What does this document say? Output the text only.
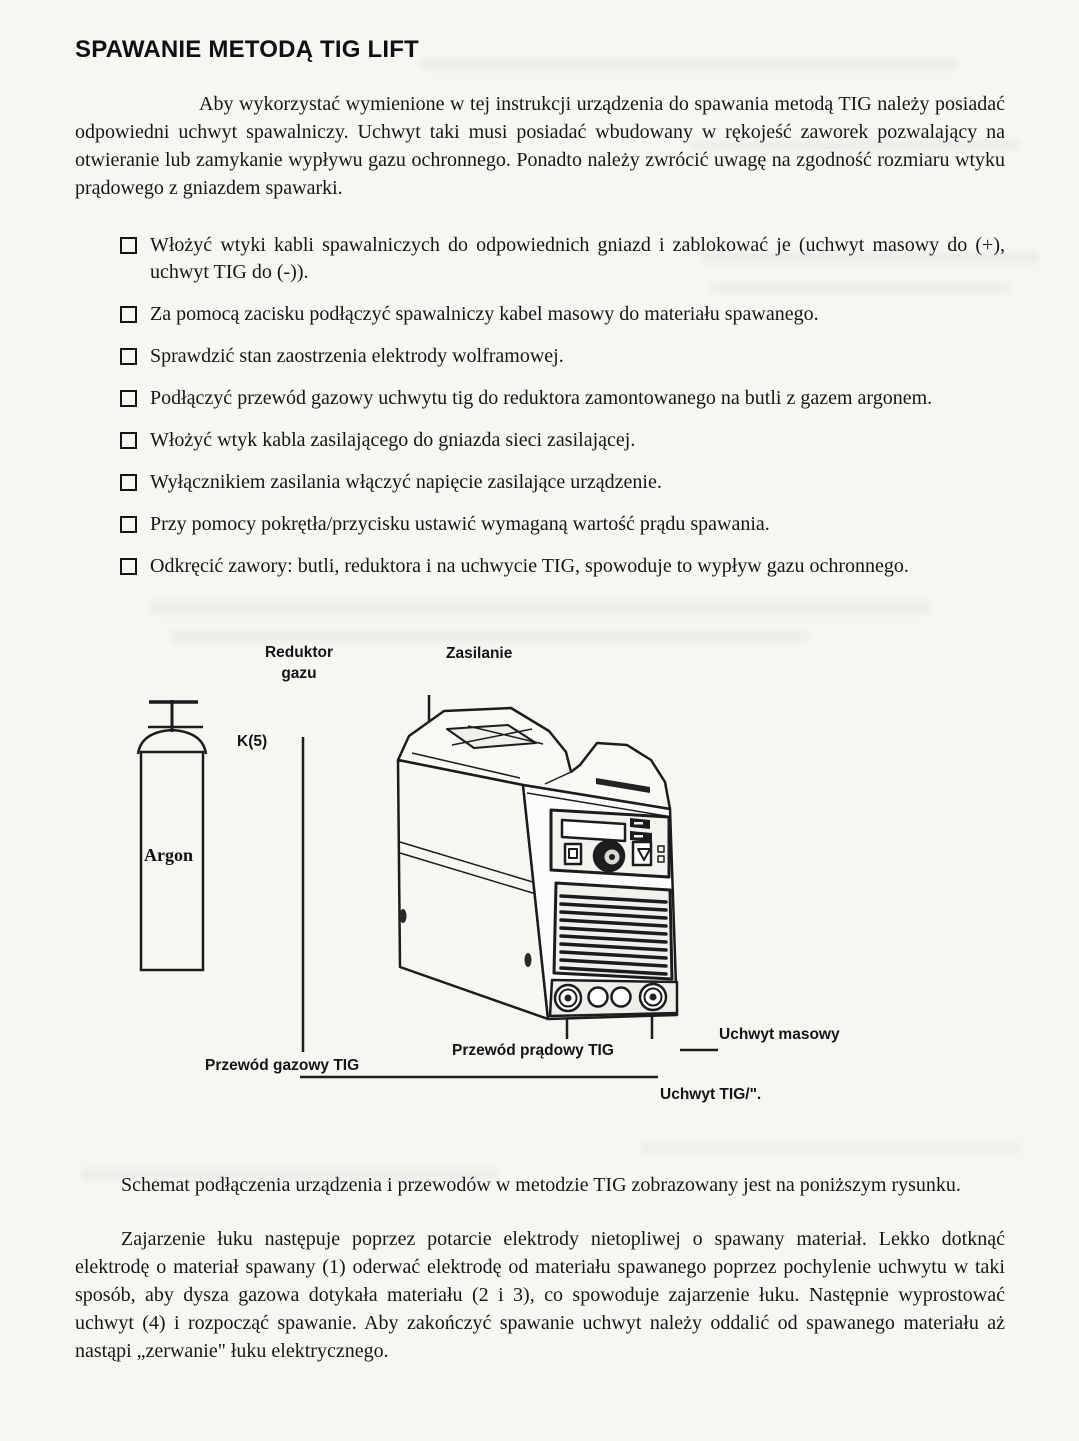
SPAWANIE METODĄ TIG LIFT

Aby wykorzystać wymienione w tej instrukcji urządzenia do spawania metodą TIG należy posiadać odpowiedni uchwyt spawalniczy. Uchwyt taki musi posiadać wbudowany w rękojeść zaworek pozwalający na otwieranie lub zamykanie wypływu gazu ochronnego. Ponadto należy zwrócić uwagę na zgodność rozmiaru wtyku prądowego z gniazdem spawarki.

Włożyć wtyki kabli spawalniczych do odpowiednich gniazd i zablokować je (uchwyt masowy do (+), uchwyt TIG do (-)).
Za pomocą zacisku podłączyć spawalniczy kabel masowy do materiału spawanego.
Sprawdzić stan zaostrzenia elektrody wolframowej.
Podłączyć przewód gazowy uchwytu tig do reduktora zamontowanego na butli z gazem argonem.
Włożyć wtyk kabla zasilającego do gniazda sieci zasilającej.
Wyłącznikiem zasilania włączyć napięcie zasilające urządzenie.
Przy pomocy pokrętła/przycisku ustawić wymaganą wartość prądu spawania.
Odkręcić zawory: butli, reduktora i na uchwycie TIG, spowoduje to wypływ gazu ochronnego.
Reduktor gazu
Zasilanie
K(5)
Argon
Przewód gazowy TIG
Przewód prądowy TIG
Uchwyt masowy
Uchwyt TIG/".

Schemat podłączenia urządzenia i przewodów w metodzie TIG zobrazowany jest na poniższym rysunku.

Zajarzenie łuku następuje poprzez potarcie elektrody nietopliwej o spawany materiał. Lekko dotknąć elektrodę o materiał spawany (1) oderwać elektrodę od materiału spawanego poprzez pochylenie uchwytu w taki sposób, aby dysza gazowa dotykała materiału (2 i 3), co spowoduje zajarzenie łuku. Następnie wyprostować uchwyt (4) i rozpocząć spawanie. Aby zakończyć spawanie uchwyt należy oddalić od spawanego materiału aż nastąpi „zerwanie" łuku elektrycznego.
